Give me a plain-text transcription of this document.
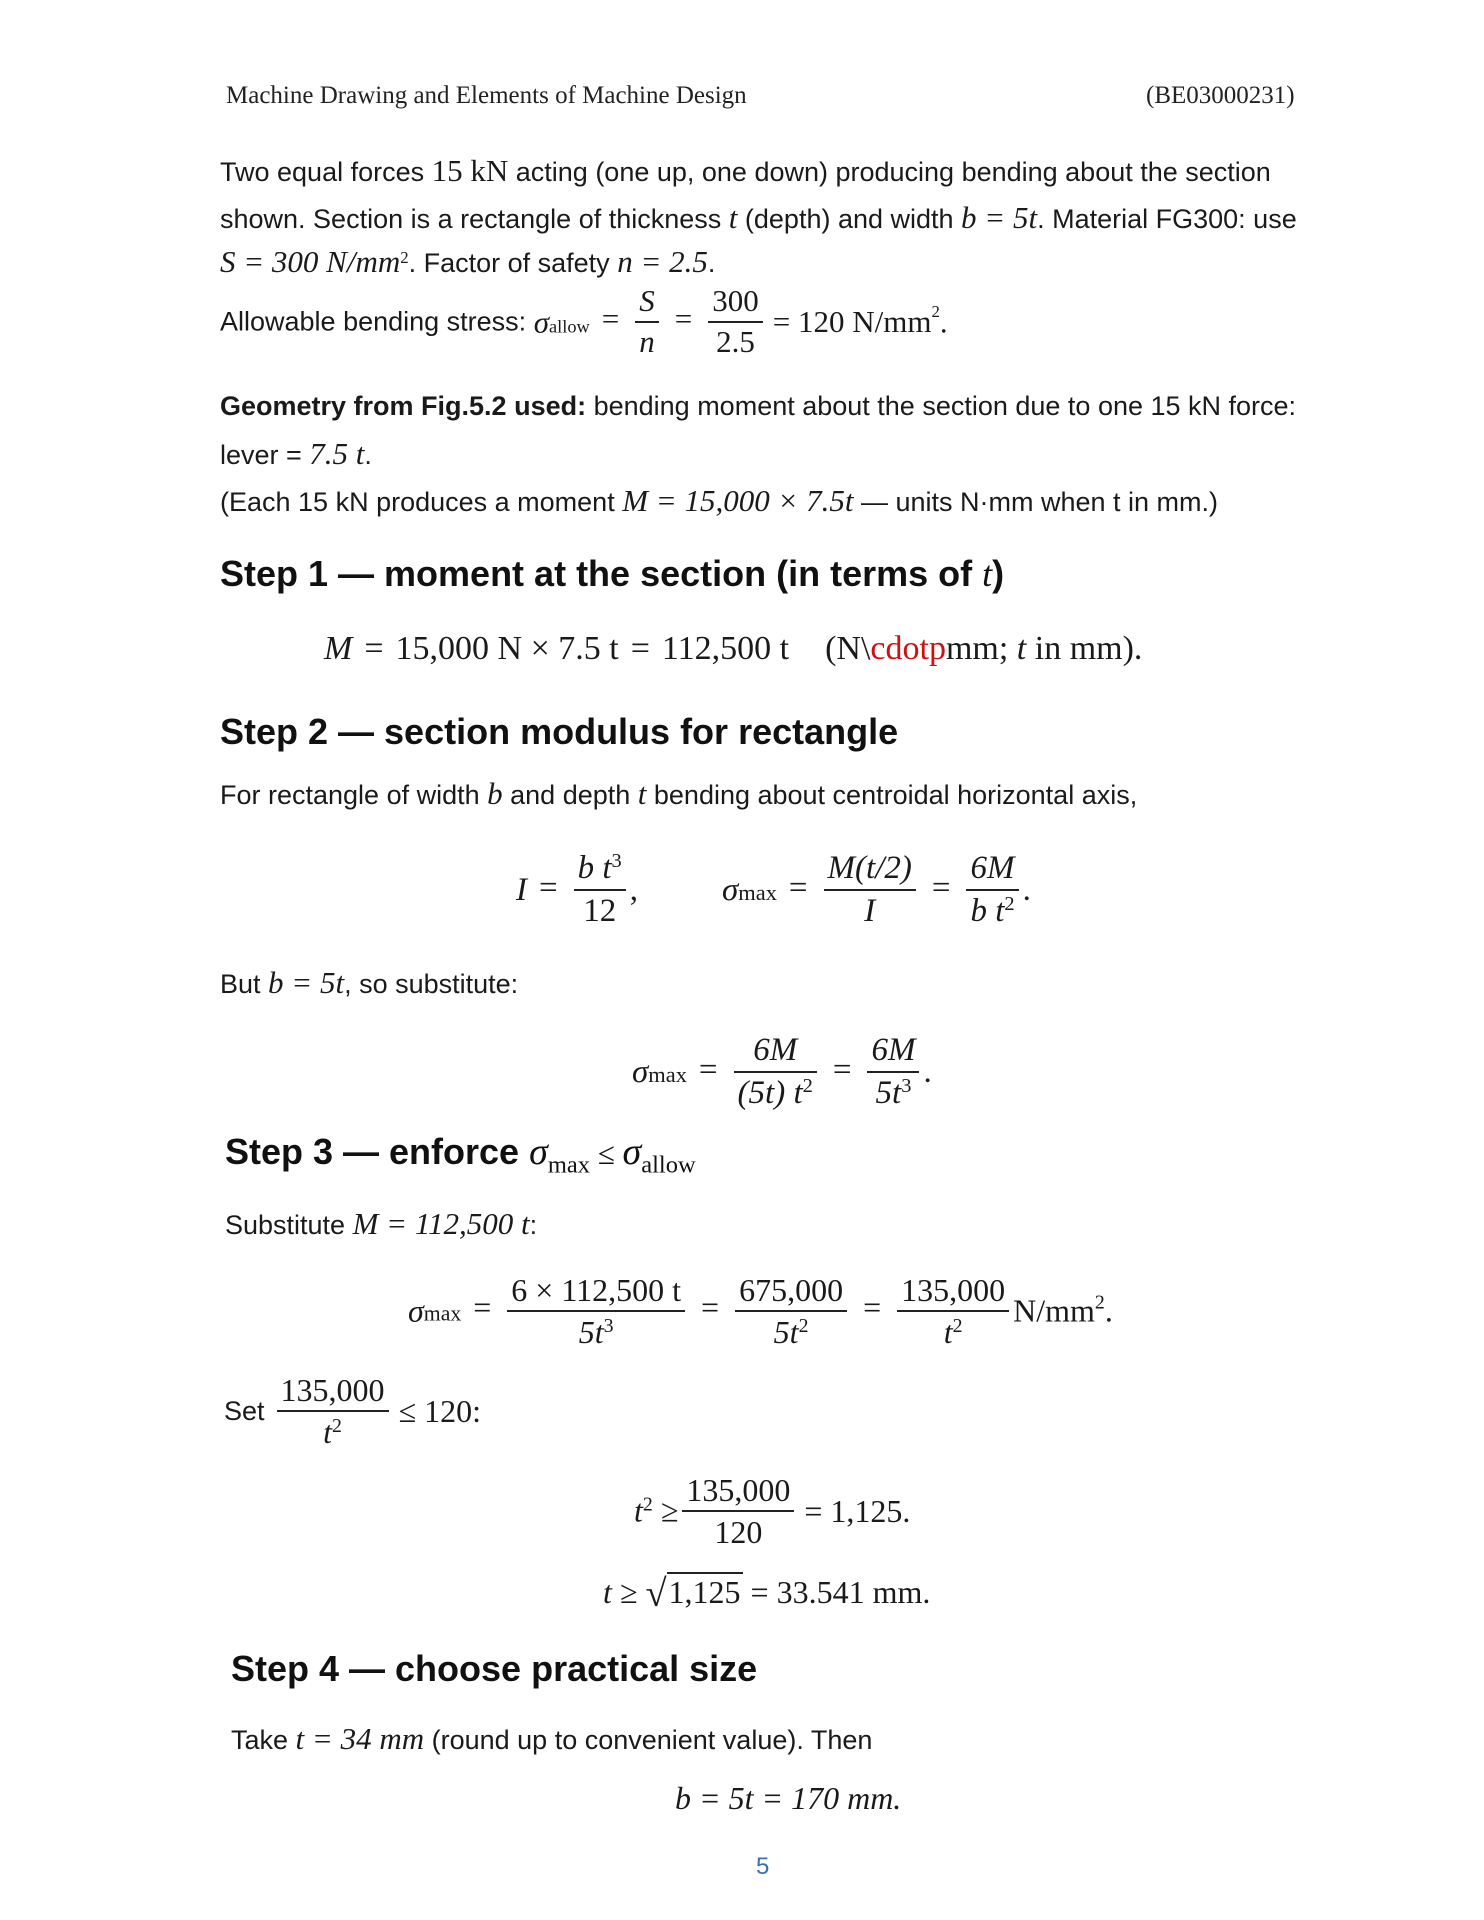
Machine Drawing and Elements of Machine Design	(BE03000231)
Two equal forces 15 kN acting (one up, one down) producing bending about the section
shown. Section is a rectangle of thickness t (depth) and width b = 5t. Material FG300: use
S = 300 $N/mm^2$. Factor of safety n = 2.5.
Allowable bending stress: $\sigma_{allow} = \frac{S}{n} = \frac{300}{2.5} = 120$ $N/mm^2$.
Geometry from Fig.5.2 used: bending moment about the section due to one 15 kN force:
lever = 7.5 t.
(Each 15 kN produces a moment M = 15,000 × 7.5t — units N·mm when t in mm.)
Step 1 — moment at the section (in terms of t)
M = 15,000 N × 7.5 t = 112,500 t (N\cdotpmm; t in mm).
Step 2 — section modulus for rectangle
For rectangle of width b and depth t bending about centroidal horizontal axis,
$I = \frac{b t^3}{12}$ ,	$\sigma\max = \frac{M(t/2)}{I} = \frac{6M}{b t^2}$ .
But b = 5t, so substitute:
$\sigma\max = \frac{6M}{(5t) t^2} = \frac{6M}{5t^3}$ .
Step 3 — enforce $\sigma_{max} \le \sigma_{allow}$
Substitute M = 112,500 t:
$\sigma\max = \frac{6 \times 112,500 t}{5t^3} = \frac{675,000}{5t^2} = \frac{135,000}{t^2} N/mm^2$.
Set $\frac{135,000}{t^2} \le 120$:
$t^2 \ge \frac{135,000}{120} = 1,125$.
t ≥ √1,125 = 33.541 mm.
Step 4 — choose practical size
Take t = 34 mm (round up to convenient value). Then
b = 5t = 170 mm.
5
